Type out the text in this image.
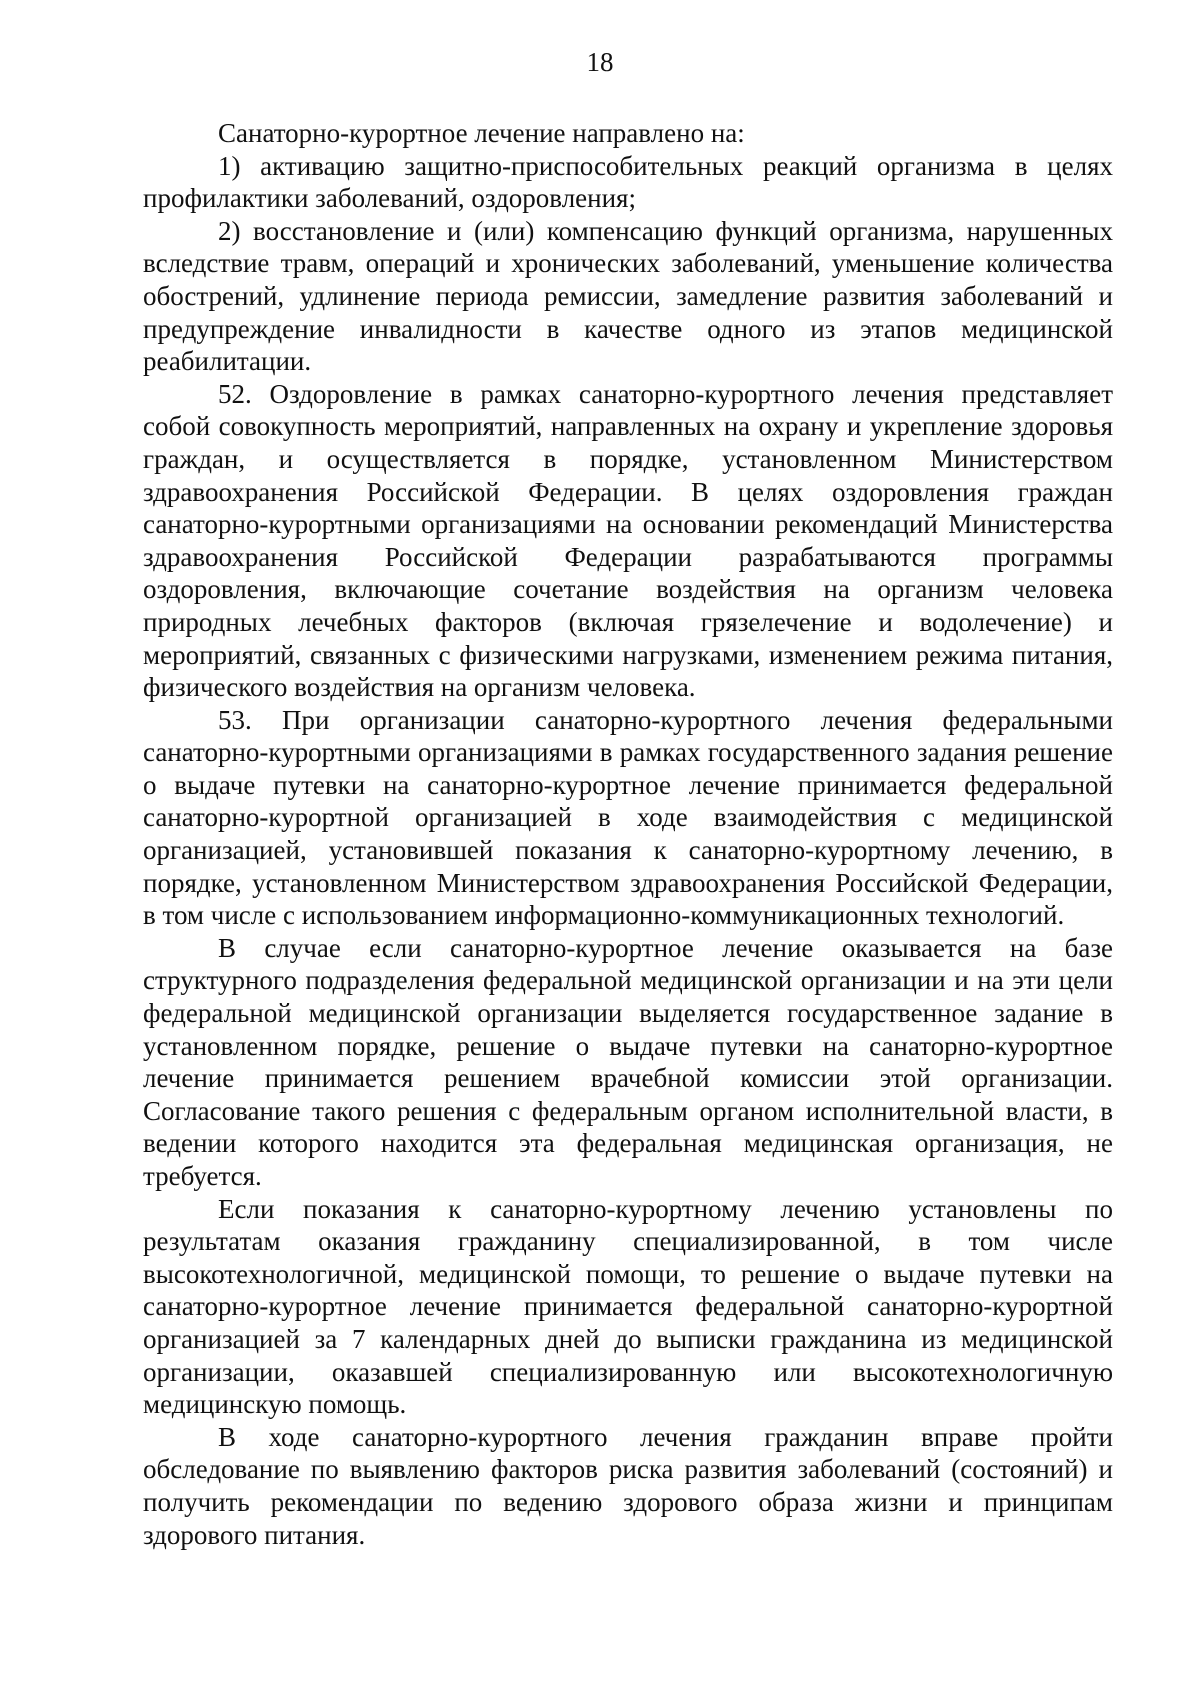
18

Санаторно-курортное лечение направлено на:

1) активацию защитно-приспособительных реакций организма в целях профилактики заболеваний, оздоровления;

2) восстановление и (или) компенсацию функций организма, нарушенных вследствие травм, операций и хронических заболеваний, уменьшение количества обострений, удлинение периода ремиссии, замедление развития заболеваний и предупреждение инвалидности в качестве одного из этапов медицинской реабилитации.

52. Оздоровление в рамках санаторно-курортного лечения представляет собой совокупность мероприятий, направленных на охрану и укрепление здоровья граждан, и осуществляется в порядке, установленном Министерством здравоохранения Российской Федерации. В целях оздоровления граждан санаторно-курортными организациями на основании рекомендаций Министерства здравоохранения Российской Федерации разрабатываются программы оздоровления, включающие сочетание воздействия на организм человека природных лечебных факторов (включая грязелечение и водолечение) и мероприятий, связанных с физическими нагрузками, изменением режима питания, физического воздействия на организм человека.

53. При организации санаторно-курортного лечения федеральными санаторно-курортными организациями в рамках государственного задания решение о выдаче путевки на санаторно-курортное лечение принимается федеральной санаторно-курортной организацией в ходе взаимодействия с медицинской организацией, установившей показания к санаторно-курортному лечению, в порядке, установленном Министерством здравоохранения Российской Федерации, в том числе с использованием информационно-коммуникационных технологий.

В случае если санаторно-курортное лечение оказывается на базе структурного подразделения федеральной медицинской организации и на эти цели федеральной медицинской организации выделяется государственное задание в установленном порядке, решение о выдаче путевки на санаторно-курортное лечение принимается решением врачебной комиссии этой организации. Согласование такого решения с федеральным органом исполнительной власти, в ведении которого находится эта федеральная медицинская организация, не требуется.

Если показания к санаторно-курортному лечению установлены по результатам оказания гражданину специализированной, в том числе высокотехнологичной, медицинской помощи, то решение о выдаче путевки на санаторно-курортное лечение принимается федеральной санаторно-курортной организацией за 7 календарных дней до выписки гражданина из медицинской организации, оказавшей специализированную или высокотехнологичную медицинскую помощь.

В ходе санаторно-курортного лечения гражданин вправе пройти обследование по выявлению факторов риска развития заболеваний (состояний) и получить рекомендации по ведению здорового образа жизни и принципам здорового питания.
